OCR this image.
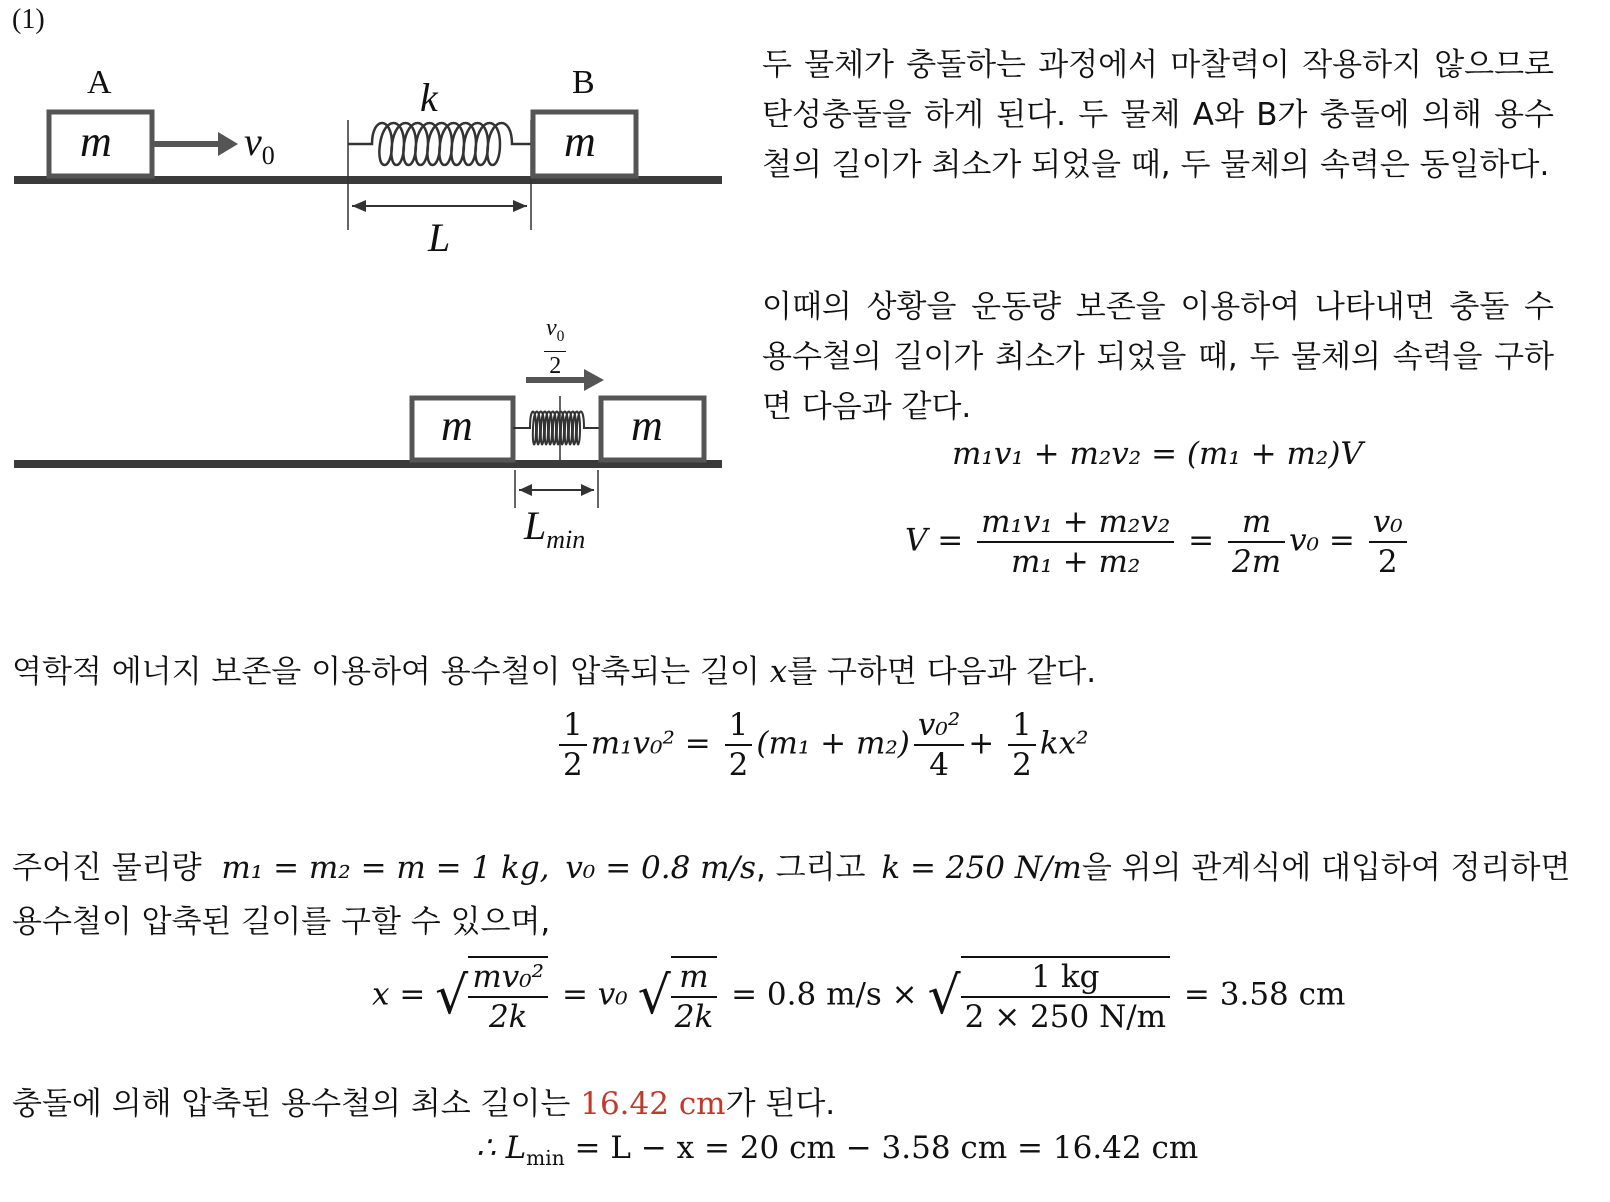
(1)
A
m	$v_0$
k	B
m
L
$v_0$
2
m	m
$L_{min}$
두 물체가 충돌하는 과정에서 마찰력이 작용하지 않으므로 탄성충돌을 하게 된다. 두 물체 A와 B가 충돌에 의해 용수철의 길이가 최소가 되었을 때, 두 물체의 속력은 동일하다.
이때의 상황을 운동량 보존을 이용하여 나타내면 충돌 수 용수철의 길이가 최소가 되었을 때, 두 물체의 속력을 구하면 다음과 같다.
m₁v₁ + m₂v₂ = (m₁ + m₂)V
$V = \frac{\text{m₁v₁ + m₂v₂}}{\text{m₁ + m₂}} = \frac{m}{2m} v_0 = \frac{\text{v₀}}{2}$
역학적 에너지 보존을 이용하여 용수철이 압축되는 길이 x를 구하면 다음과 같다.
$\frac{1}{2} m_1v_0^2 = \frac{1}{2} (m_1 + m_2) \frac{\text{v₀²}}{4} + \frac{1}{2} kx^2$
주어진 물리량 m₁ = m₂ = m = 1 kg, v₀ = 0.8 m/s, 그리고 k = 250 N/m을 위의 관계식에 대입하여 정리하면
용수철이 압축된 길이를 구할 수 있으며,
x = √ $\frac{\text{mv₀²}}{2k} = v_0$ √ $\frac{m}{2k} = 0.8$ m/s × √ $\frac{1 kg}{2 \times 250 N/m} = 3.58$ cm
충돌에 의해 압축된 용수철의 최소 길이는 16.42 cm가 된다.
∴ $L_{min} = L - x = 20$ cm − 3.58 cm = 16.42 cm
